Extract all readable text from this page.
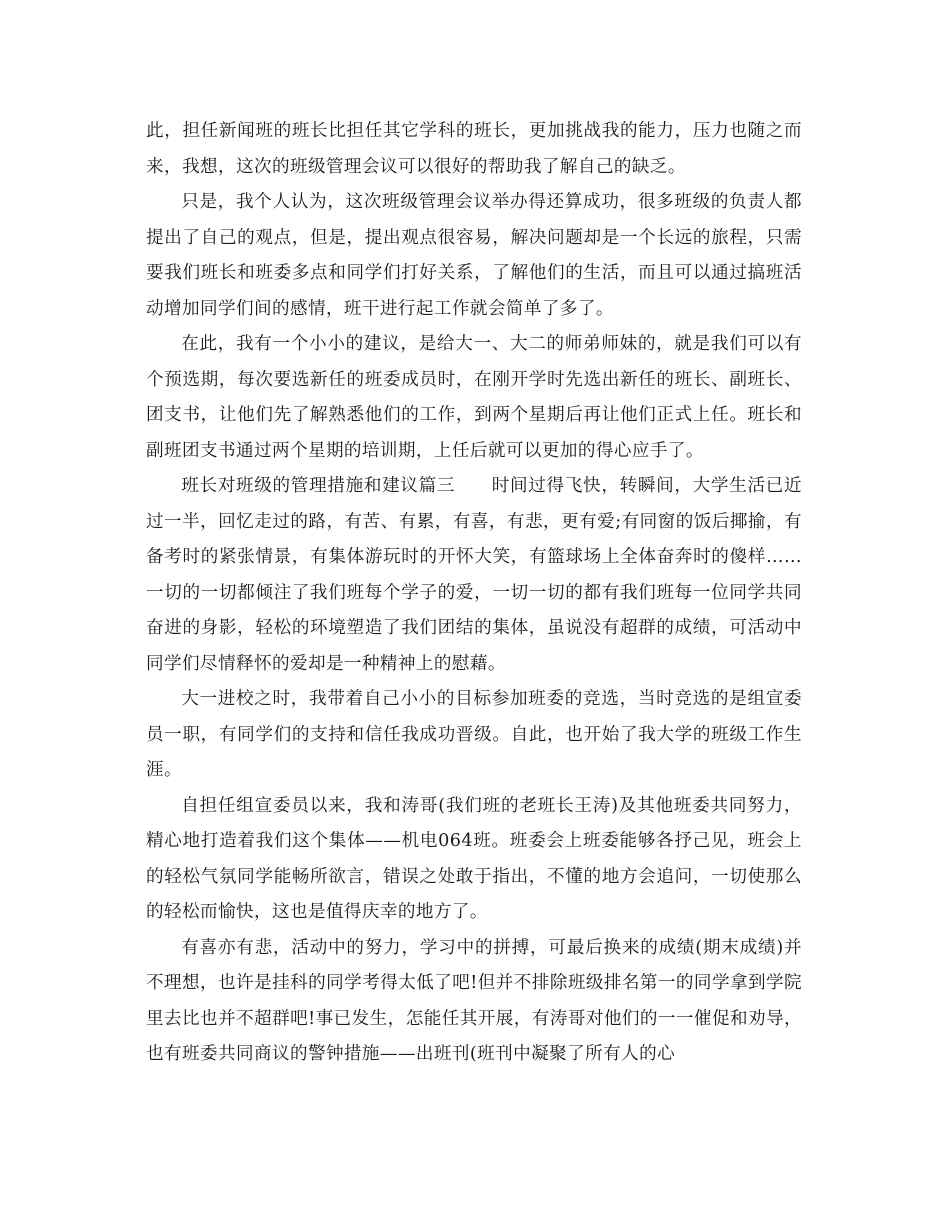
此，担任新闻班的班长比担任其它学科的班长，更加挑战我的能力，压力也随之而来，我想，这次的班级管理会议可以很好的帮助我了解自己的缺乏。

只是，我个人认为，这次班级管理会议举办得还算成功，很多班级的负责人都提出了自己的观点，但是，提出观点很容易，解决问题却是一个长远的旅程，只需要我们班长和班委多点和同学们打好关系，了解他们的生活，而且可以通过搞班活动增加同学们间的感情，班干进行起工作就会简单了多了。

在此，我有一个小小的建议，是给大一、大二的师弟师妹的，就是我们可以有个预选期，每次要选新任的班委成员时，在刚开学时先选出新任的班长、副班长、团支书，让他们先了解熟悉他们的工作，到两个星期后再让他们正式上任。班长和副班团支书通过两个星期的培训期，上任后就可以更加的得心应手了。

班长对班级的管理措施和建议篇三　　时间过得飞快，转瞬间，大学生活已近过一半，回忆走过的路，有苦、有累，有喜，有悲，更有爱;有同窗的饭后揶揄，有备考时的紧张情景，有集体游玩时的开怀大笑，有篮球场上全体奋奔时的傻样……一切的一切都倾注了我们班每个学子的爱，一切一切的都有我们班每一位同学共同奋进的身影，轻松的环境塑造了我们团结的集体，虽说没有超群的成绩，可活动中同学们尽情释怀的爱却是一种精神上的慰藉。

大一进校之时，我带着自己小小的目标参加班委的竞选，当时竞选的是组宣委员一职，有同学们的支持和信任我成功晋级。自此，也开始了我大学的班级工作生涯。

自担任组宣委员以来，我和涛哥(我们班的老班长王涛)及其他班委共同努力，精心地打造着我们这个集体——机电064班。班委会上班委能够各抒己见，班会上的轻松气氛同学能畅所欲言，错误之处敢于指出，不懂的地方会追问，一切使那么的轻松而愉快，这也是值得庆幸的地方了。

有喜亦有悲，活动中的努力，学习中的拼搏，可最后换来的成绩(期末成绩)并不理想，也许是挂科的同学考得太低了吧!但并不排除班级排名第一的同学拿到学院里去比也并不超群吧!事已发生，怎能任其开展，有涛哥对他们的一一催促和劝导，也有班委共同商议的警钟措施——出班刊(班刊中凝聚了所有人的心
